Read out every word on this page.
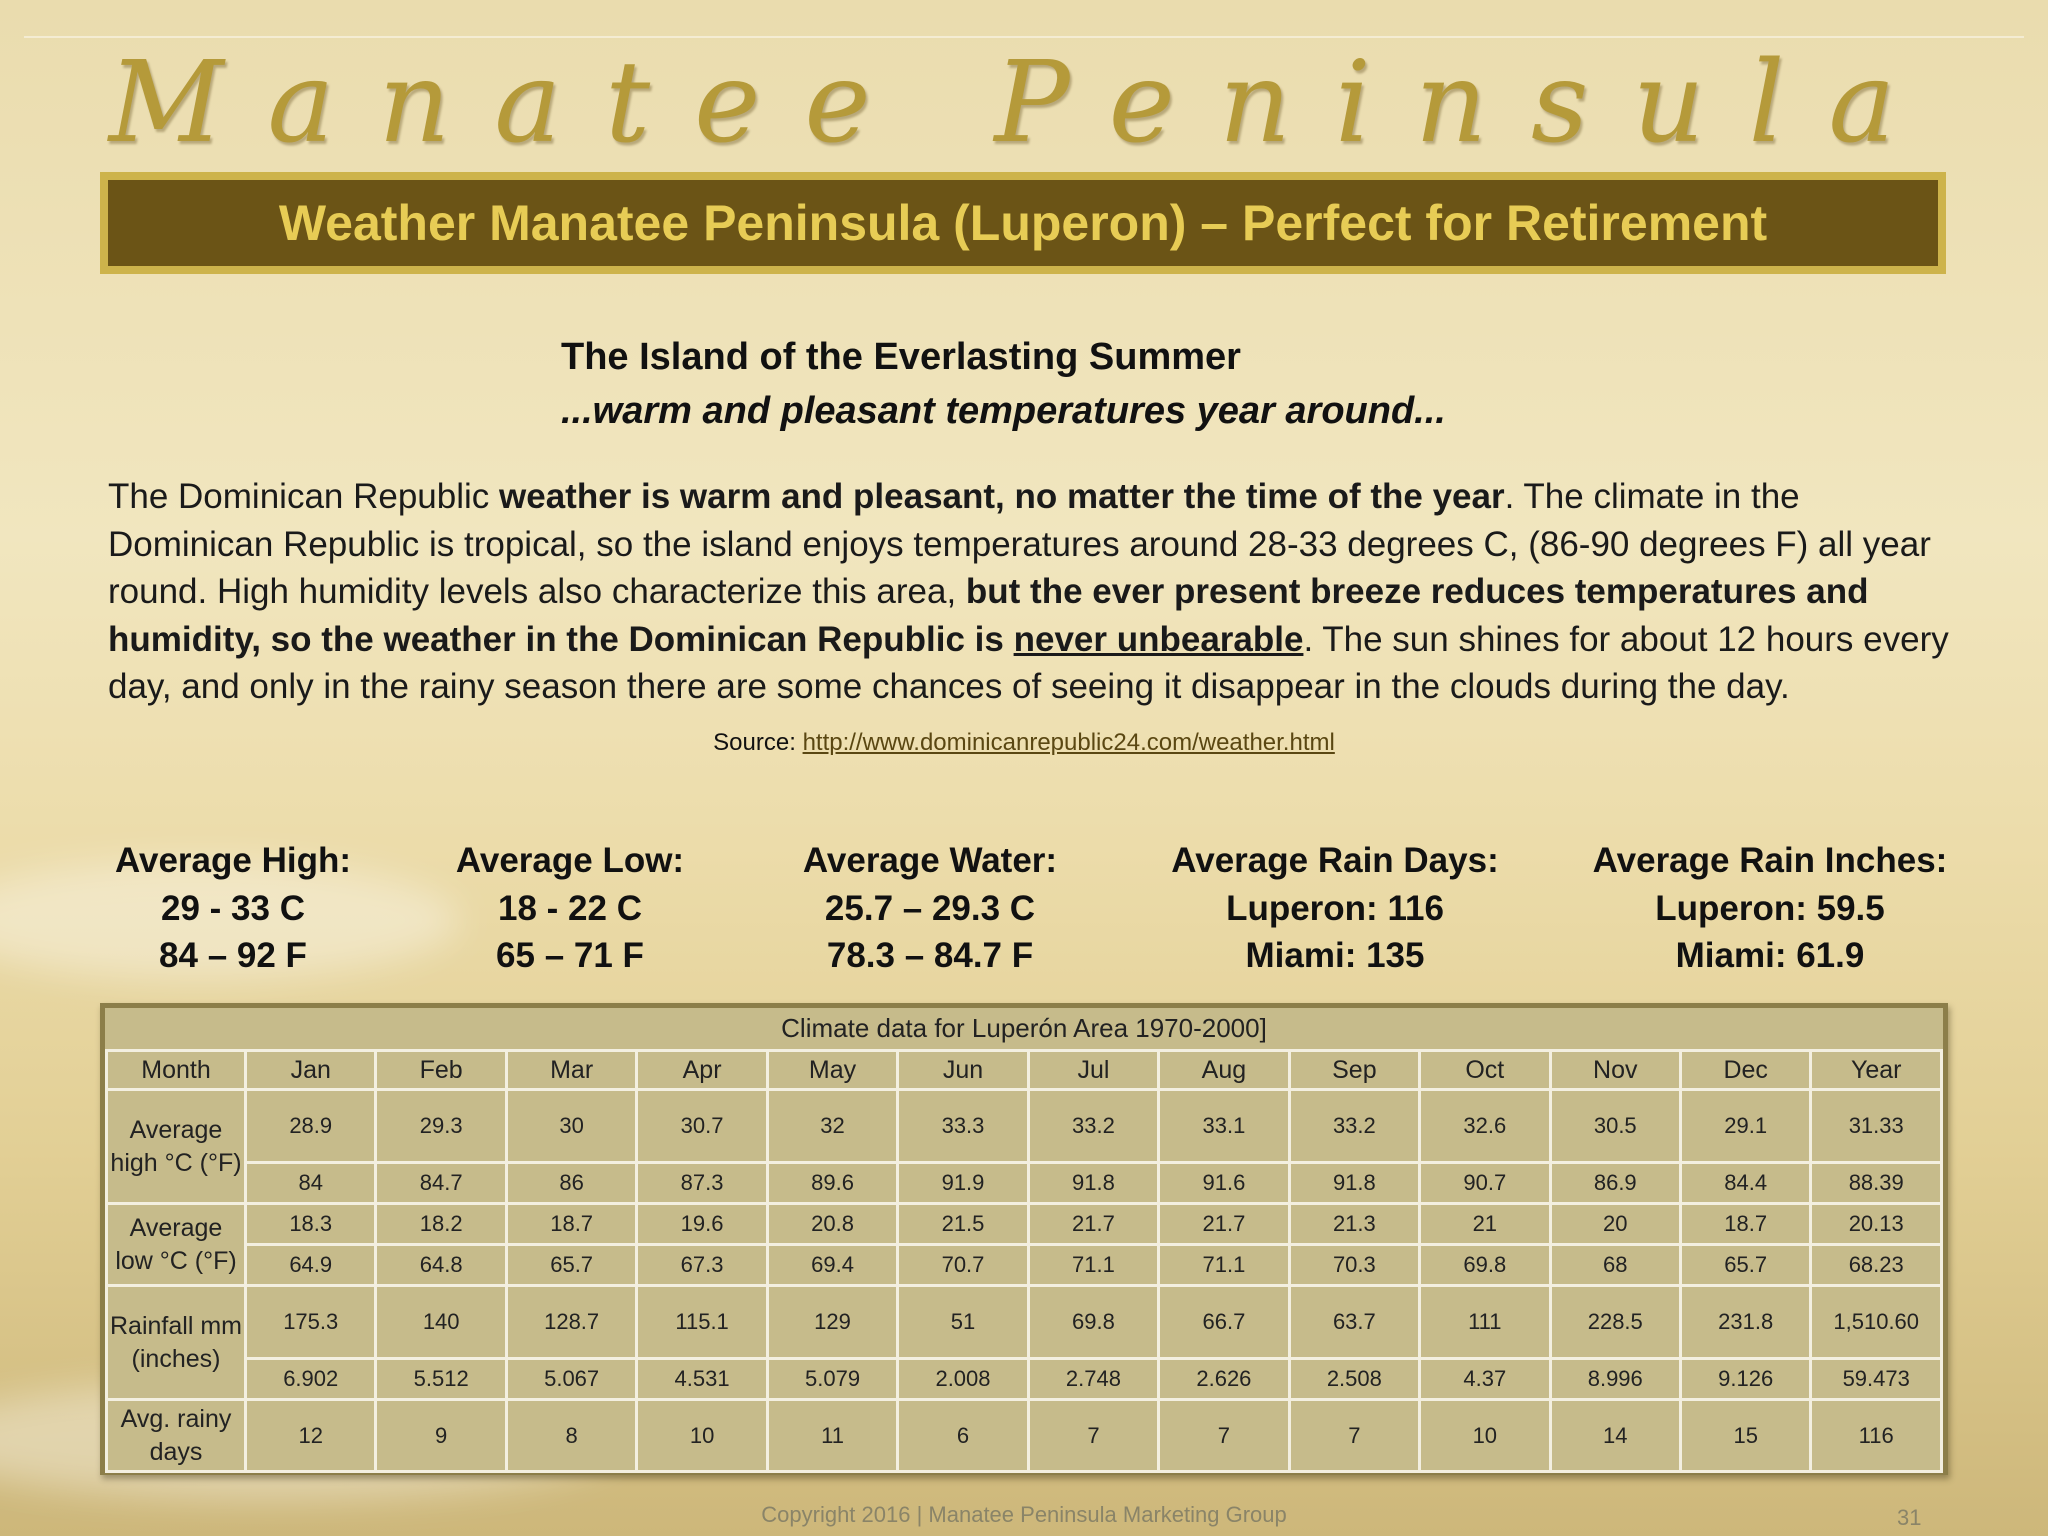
Manatee Peninsula
Weather Manatee Peninsula (Luperon) – Perfect for Retirement
The Island of the Everlasting Summer
...warm and pleasant temperatures year around...
The Dominican Republic weather is warm and pleasant, no matter the time of the year. The climate in the Dominican Republic is tropical, so the island enjoys temperatures around 28-33 degrees C, (86-90 degrees F) all year round. High humidity levels also characterize this area, but the ever present breeze reduces temperatures and humidity, so the weather in the Dominican Republic is never unbearable. The sun shines for about 12 hours every day, and only in the rainy season there are some chances of seeing it disappear in the clouds during the day.
Source: http://www.dominicanrepublic24.com/weather.html
Average High:
29 - 33 C
84 – 92 F
Average Low:
18 - 22 C
65 – 71 F
Average Water:
25.7 – 29.3 C
78.3 – 84.7 F
Average Rain Days:
Luperon: 116
Miami: 135
Average Rain Inches:
Luperon: 59.5
Miami: 61.9
Climate data for Luperón Area 1970-2000]
Month	Jan	Feb	Mar	Apr	May	Jun	Jul	Aug	Sep	Oct	Nov	Dec	Year
Average high °C (°F)	28.9	29.3	30	30.7	32	33.3	33.2	33.1	33.2	32.6	30.5	29.1	31.33
	84	84.7	86	87.3	89.6	91.9	91.8	91.6	91.8	90.7	86.9	84.4	88.39
Average low °C (°F)	18.3	18.2	18.7	19.6	20.8	21.5	21.7	21.7	21.3	21	20	18.7	20.13
	64.9	64.8	65.7	67.3	69.4	70.7	71.1	71.1	70.3	69.8	68	65.7	68.23
Rainfall mm (inches)	175.3	140	128.7	115.1	129	51	69.8	66.7	63.7	111	228.5	231.8	1,510.60
	6.902	5.512	5.067	4.531	5.079	2.008	2.748	2.626	2.508	4.37	8.996	9.126	59.473
Avg. rainy days	12	9	8	10	11	6	7	7	7	10	14	15	116
Copyright 2016 | Manatee Peninsula Marketing Group	31
